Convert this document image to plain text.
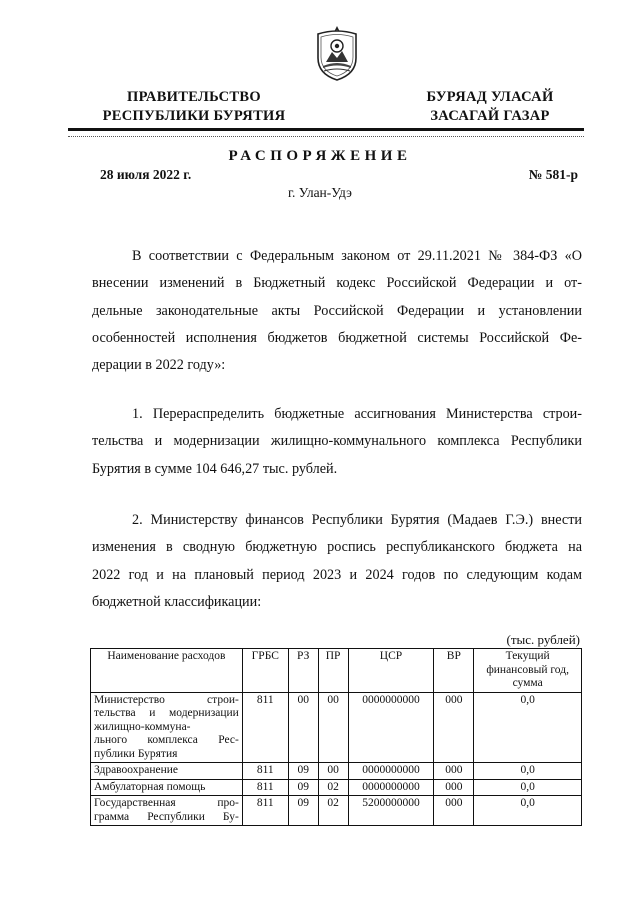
ПРАВИТЕЛЬСТВО
РЕСПУБЛИКИ БУРЯТИЯ
БУРЯАД УЛАСАЙ
ЗАСАГАЙ ГАЗАР
РАСПОРЯЖЕНИЕ
28 июля 2022 г.	№ 581-р
г. Улан-Удэ
В соответствии с Федеральным законом от 29.11.2021 № 384-ФЗ «О
внесении изменений в Бюджетный кодекс Российской Федерации и от-
дельные законодательные акты Российской Федерации и установлении
особенностей исполнения бюджетов бюджетной системы Российской Фе-
дерации в 2022 году»:
1. Перераспределить бюджетные ассигнования Министерства строи-
тельства и модернизации жилищно-коммунального комплекса Республики
Бурятия в сумме 104 646,27 тыс. рублей.
2. Министерству финансов Республики Бурятия (Мадаев Г.Э.) внести
изменения в сводную бюджетную роспись республиканского бюджета на
2022 год и на плановый период 2023 и 2024 годов по следующим кодам
бюджетной классификации:
(тыс. рублей)
Наименование расходов	ГРБС	РЗ	ПР	ЦСР	ВР	Текущий
финансовый год,
сумма

Министерство строи-
тельства и модернизации
жилищно-коммуна-
льного комплекса Рес-
публики Бурятия	811	00	00	0000000000	000	0,0

Здравоохранение	811	09	00	0000000000	000	0,0

Амбулаторная помощь	811	09	02	0000000000	000	0,0

Государственная про-
грамма Республики Бу-	811	09	02	5200000000	000	0,0
